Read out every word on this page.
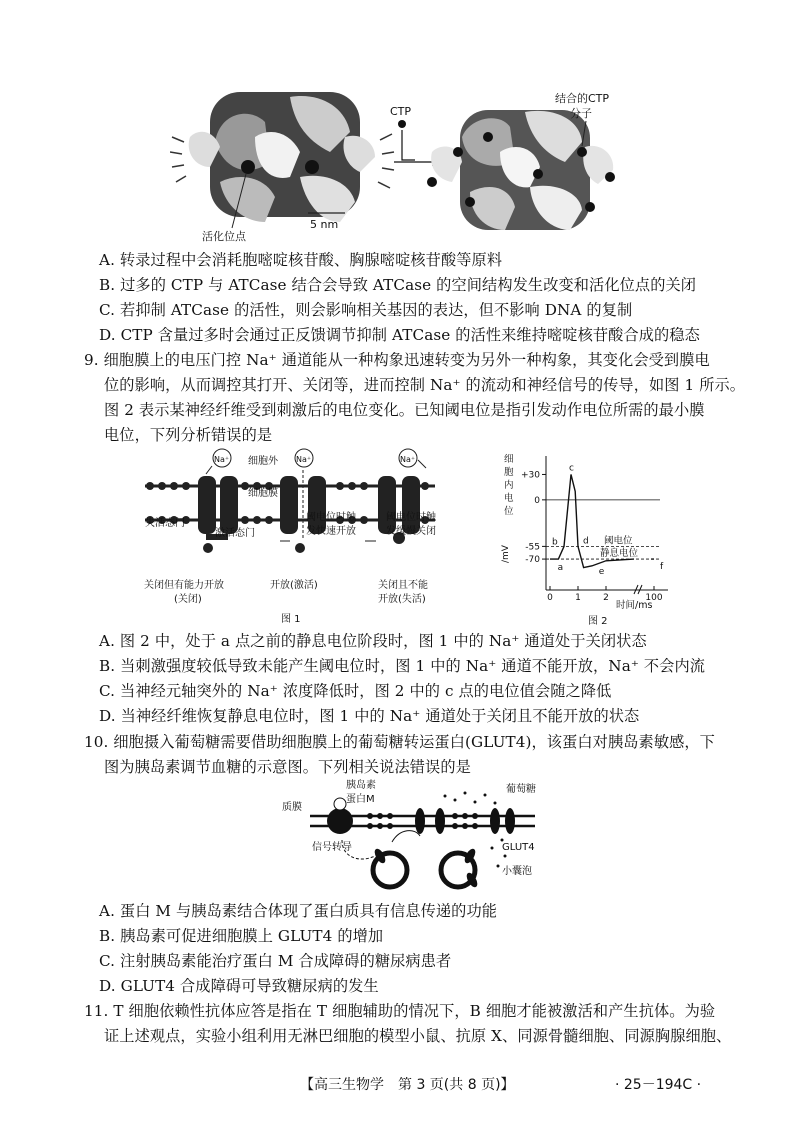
活化位点
5 nm
CTP
结合的CTP
分子
A. 转录过程中会消耗胞嘧啶核苷酸、胸腺嘧啶核苷酸等原料
B. 过多的 CTP 与 ATCase 结合会导致 ATCase 的空间结构发生改变和活化位点的关闭
C. 若抑制 ATCase 的活性，则会影响相关基因的表达，但不影响 DNA 的复制
D. CTP 含量过多时会通过正反馈调节抑制 ATCase 的活性来维持嘧啶核苷酸合成的稳态
9. 细胞膜上的电压门控 Na⁺ 通道能从一种构象迅速转变为另外一种构象，其变化会受到膜电
位的影响，从而调控其打开、关闭等，进而控制 Na⁺ 的流动和神经信号的传导，如图 1 所示。
图 2 表示某神经纤维受到刺激后的电位变化。已知阈电位是指引发动作电位所需的最小膜
电位，下列分析错误的是
Na⁺	Na⁺	Na⁺
细胞外
细胞膜
失活态门
激活态门
阈电位时触
发快速开放
阈电位时触
发缓慢关闭
关闭但有能力开放
(关闭)
开放(激活)	关闭且不能
开放(失活)
图 1
细
胞
内
电
位
/mV
+30
0
-55
-70
0 1 2	100
阈电位
静息电位
a
b
c
d
e
f
时间/ms
图 2
A. 图 2 中，处于 a 点之前的静息电位阶段时，图 1 中的 Na⁺ 通道处于关闭状态
B. 当刺激强度较低导致未能产生阈电位时，图 1 中的 Na⁺ 通道不能开放，Na⁺ 不会内流
C. 当神经元轴突外的 Na⁺ 浓度降低时，图 2 中的 c 点的电位值会随之降低
D. 当神经纤维恢复静息电位时，图 1 中的 Na⁺ 通道处于关闭且不能开放的状态
10. 细胞摄入葡萄糖需要借助细胞膜上的葡萄糖转运蛋白(GLUT4)，该蛋白对胰岛素敏感，下
图为胰岛素调节血糖的示意图。下列相关说法错误的是
质膜
胰岛素
蛋白M
葡萄糖
信号转导	GLUT4
小囊泡
A. 蛋白 M 与胰岛素结合体现了蛋白质具有信息传递的功能
B. 胰岛素可促进细胞膜上 GLUT4 的增加
C. 注射胰岛素能治疗蛋白 M 合成障碍的糖尿病患者
D. GLUT4 合成障碍可导致糖尿病的发生
11. T 细胞依赖性抗体应答是指在 T 细胞辅助的情况下，B 细胞才能被激活和产生抗体。为验
证上述观点，实验小组利用无淋巴细胞的模型小鼠、抗原 X、同源骨髓细胞、同源胸腺细胞、
【高三生物学　第 3 页(共 8 页)】	· 25－194C ·
